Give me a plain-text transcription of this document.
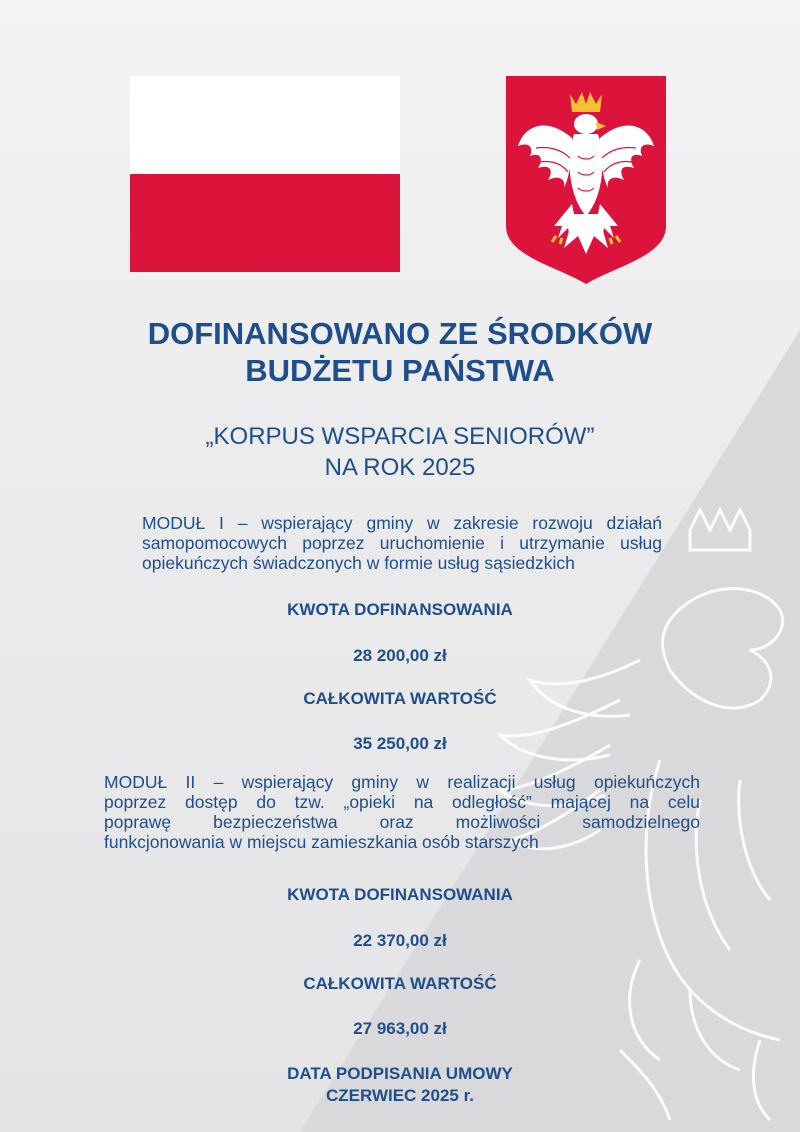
DOFINANSOWANO ZE ŚRODKÓW
BUDŻETU PAŃSTWA
„KORPUS WSPARCIA SENIORÓW”
NA ROK 2025
MODUŁ I – wspierający gminy w zakresie rozwoju działań
samopomocowych poprzez uruchomienie i utrzymanie usług
opiekuńczych świadczonych w formie usług sąsiedzkich
KWOTA DOFINANSOWANIA
28 200,00 zł
CAŁKOWITA WARTOŚĆ
35 250,00 zł
MODUŁ II – wspierający gminy w realizacji usług opiekuńczych
poprzez dostęp do tzw. „opieki na odległość” mającej na celu
poprawę bezpieczeństwa oraz możliwości samodzielnego
funkcjonowania w miejscu zamieszkania osób starszych
KWOTA DOFINANSOWANIA
22 370,00 zł
CAŁKOWITA WARTOŚĆ
27 963,00 zł
DATA PODPISANIA UMOWY
CZERWIEC 2025 r.
